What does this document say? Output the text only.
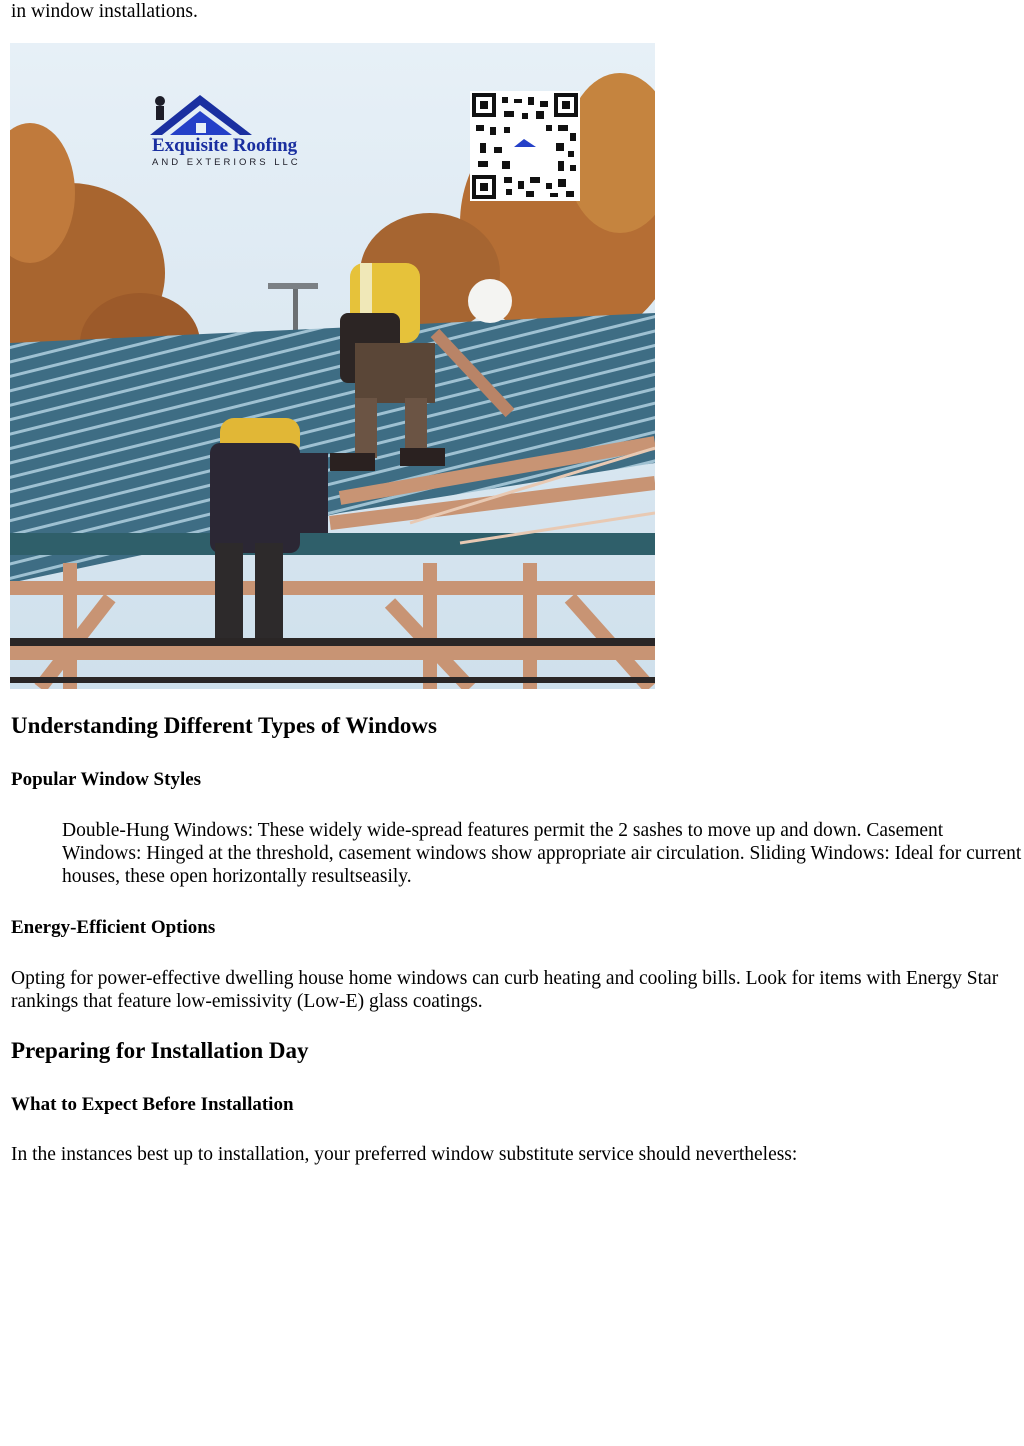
in window installations.

Exquisite Roofing
AND EXTERIORS LLC
Understanding Different Types of Windows
Popular Window Styles

Double-Hung Windows: These widely wide-spread features permit the 2 sashes to move up and down. Casement Windows: Hinged at the threshold, casement windows show appropriate air circulation. Sliding Windows: Ideal for current houses, these open horizontally resultseasily.

Energy-Efficient Options

Opting for power-effective dwelling house home windows can curb heating and cooling bills. Look for items with Energy Star rankings that feature low-emissivity (Low-E) glass coatings.

Preparing for Installation Day
What to Expect Before Installation

In the instances best up to installation, your preferred window substitute service should nevertheless:
